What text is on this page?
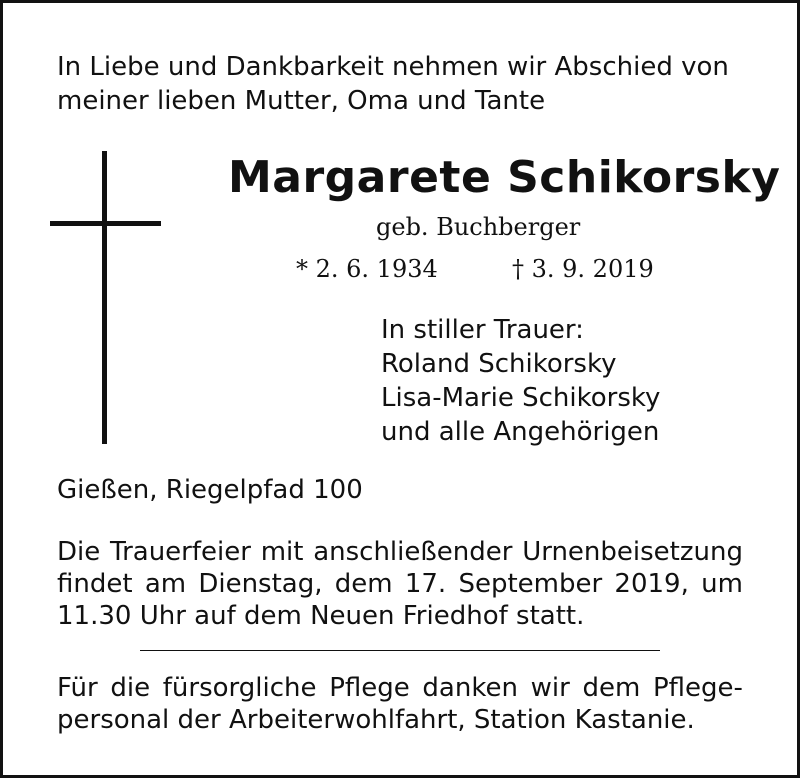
In Liebe und Dankbarkeit nehmen wir Abschied von
meiner lieben Mutter, Oma und Tante
Margarete Schikorsky
geb. Buchberger
* 2. 6. 1934	† 3. 9. 2019
In stiller Trauer:
Roland Schikorsky
Lisa-Marie Schikorsky
und alle Angehörigen
Gießen, Riegelpfad 100
Die Trauerfeier mit anschließender Urnenbeisetzung
findet am Dienstag, dem 17. September 2019, um
11.30 Uhr auf dem Neuen Friedhof statt.
Für die fürsorgliche Pflege danken wir dem Pflege-
personal der Arbeiterwohlfahrt, Station Kastanie.
